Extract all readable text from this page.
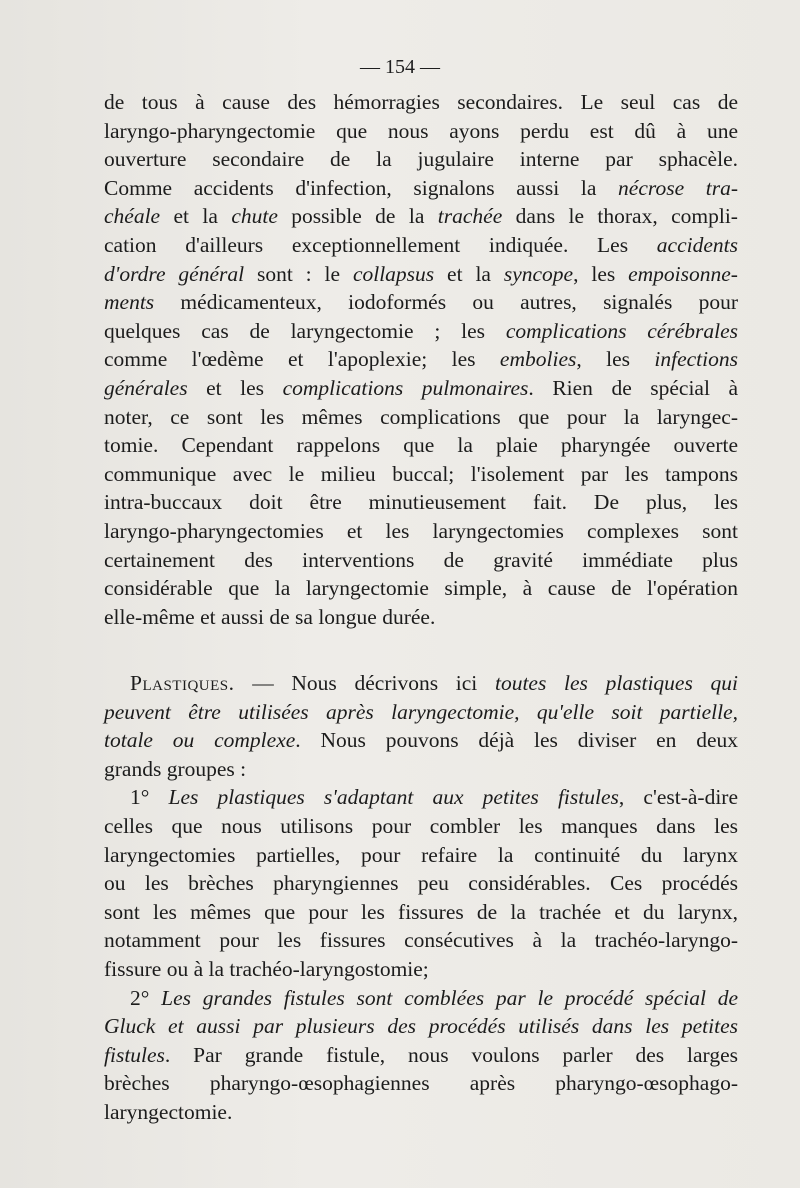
— 154 —
de tous à cause des hémorragies secondaires. Le seul cas de
laryngo-pharyngectomie que nous ayons perdu est dû à une
ouverture secondaire de la jugulaire interne par sphacèle.
Comme accidents d'infection, signalons aussi la nécrose tra-
chéale et la chute possible de la trachée dans le thorax, compli-
cation d'ailleurs exceptionnellement indiquée. Les accidents
d'ordre général sont : le collapsus et la syncope, les empoisonne-
ments médicamenteux, iodoformés ou autres, signalés pour
quelques cas de laryngectomie ; les complications cérébrales
comme l'œdème et l'apoplexie; les embolies, les infections
générales et les complications pulmonaires. Rien de spécial à
noter, ce sont les mêmes complications que pour la laryngec-
tomie. Cependant rappelons que la plaie pharyngée ouverte
communique avec le milieu buccal; l'isolement par les tampons
intra-buccaux doit être minutieusement fait. De plus, les
laryngo-pharyngectomies et les laryngectomies complexes sont
certainement des interventions de gravité immédiate plus
considérable que la laryngectomie simple, à cause de l'opération
elle-même et aussi de sa longue durée.
Plastiques. — Nous décrivons ici toutes les plastiques qui
peuvent être utilisées après laryngectomie, qu'elle soit partielle,
totale ou complexe. Nous pouvons déjà les diviser en deux
grands groupes :
1° Les plastiques s'adaptant aux petites fistules, c'est-à-dire
celles que nous utilisons pour combler les manques dans les
laryngectomies partielles, pour refaire la continuité du larynx
ou les brèches pharyngiennes peu considérables. Ces procédés
sont les mêmes que pour les fissures de la trachée et du larynx,
notamment pour les fissures consécutives à la trachéo-laryngo-
fissure ou à la trachéo-laryngostomie;
2° Les grandes fistules sont comblées par le procédé spécial de
Gluck et aussi par plusieurs des procédés utilisés dans les petites
fistules. Par grande fistule, nous voulons parler des larges
brèches pharyngo-œsophagiennes après pharyngo-œsophago-
laryngectomie.
